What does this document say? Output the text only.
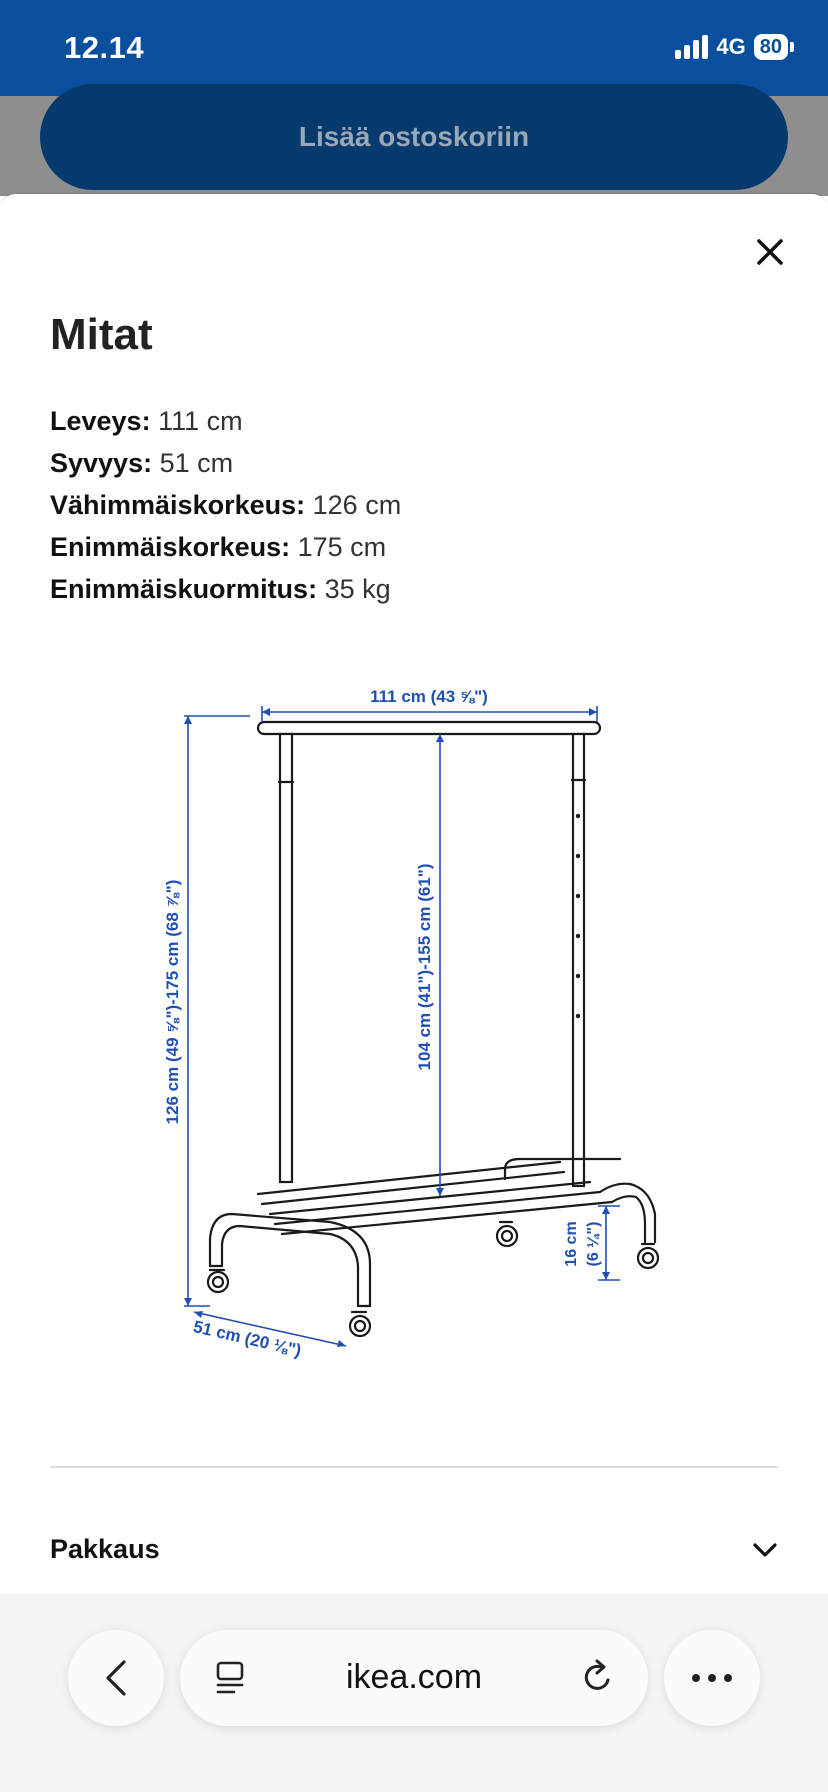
12.14	4G 80
Lisää ostoskoriin
Mitat
Leveys: 111 cm
Syvyys: 51 cm
Vähimmäiskorkeus: 126 cm
Enimmäiskorkeus: 175 cm
Enimmäiskuormitus: 35 kg
111 cm (43 ⅝")
126 cm (49 ⅝")-175 cm (68 ⅞")	104 cm (41")-155 cm (61")
51 cm (20 ⅛")
16 cm (6 ¼")
Pakkaus
ikea.com
